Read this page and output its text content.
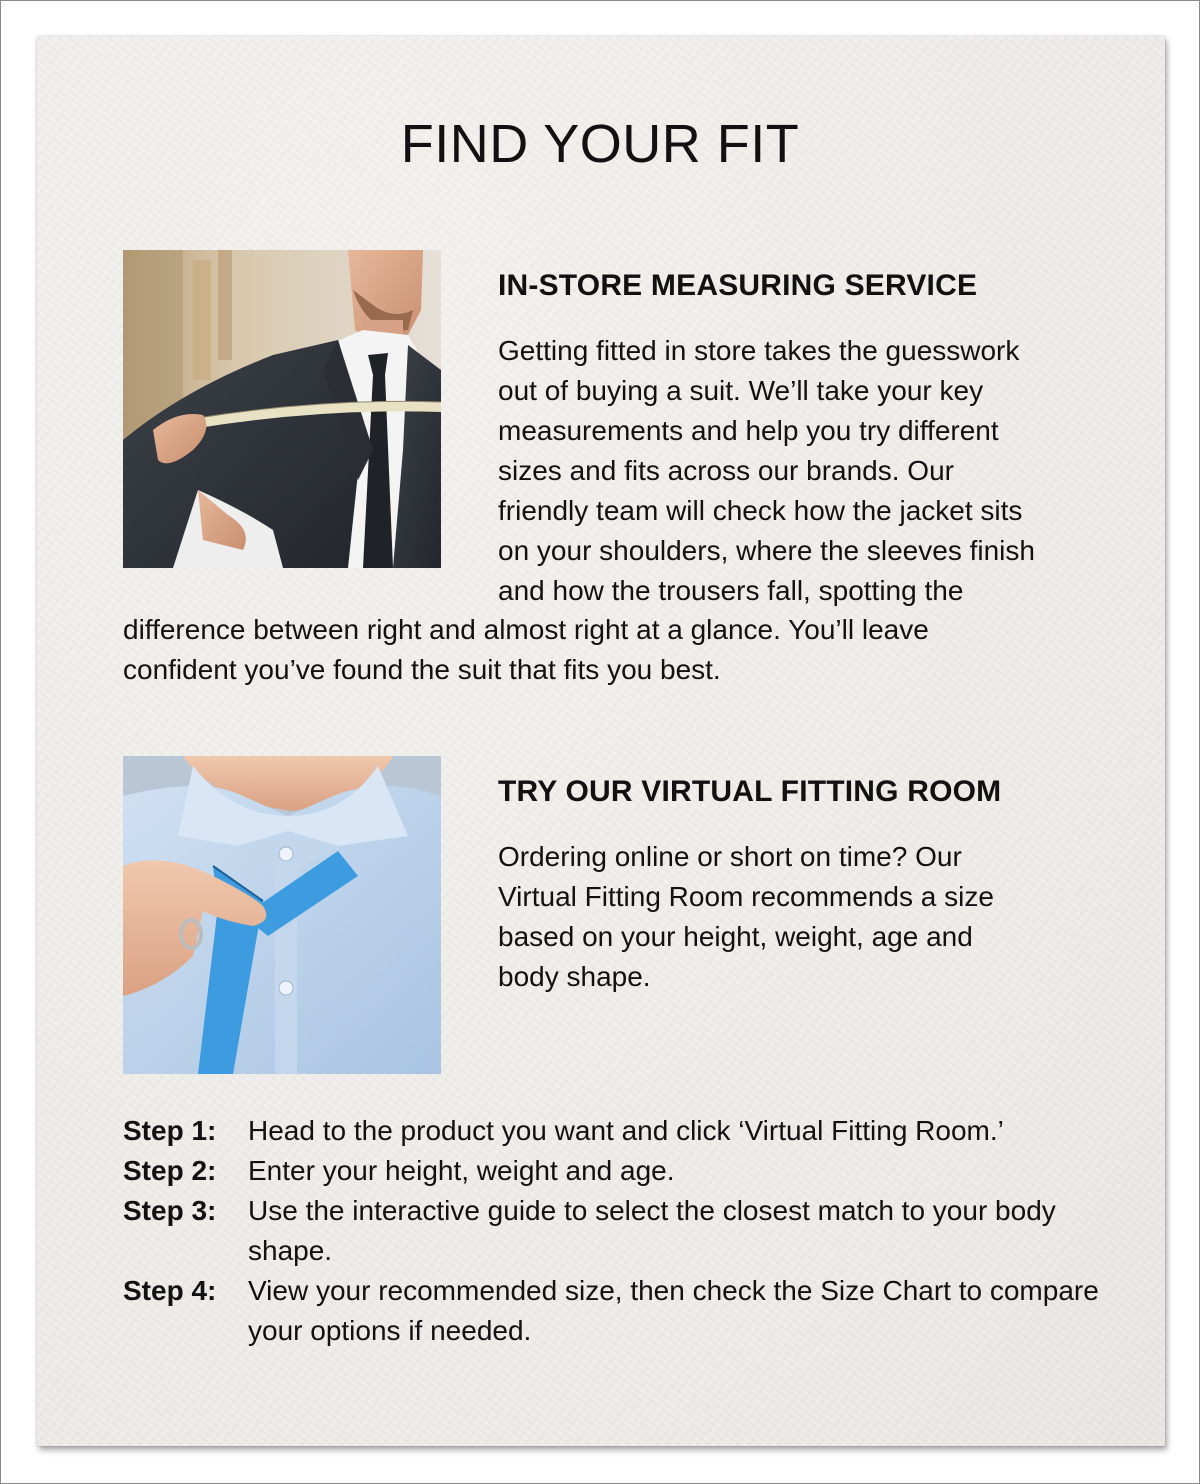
FIND YOUR FIT
IN-STORE MEASURING SERVICE
Getting fitted in store takes the guesswork
out of buying a suit. We’ll take your key
measurements and help you try different
sizes and fits across our brands. Our
friendly team will check how the jacket sits
on your shoulders, where the sleeves finish
and how the trousers fall, spotting the
difference between right and almost right at a glance. You’ll leave
confident you’ve found the suit that fits you best.
TRY OUR VIRTUAL FITTING ROOM
Ordering online or short on time? Our
Virtual Fitting Room recommends a size
based on your height, weight, age and
body shape.
Step 1:	Head to the product you want and click ‘Virtual Fitting Room.’
Step 2:	Enter your height, weight and age.
Step 3:	Use the interactive guide to select the closest match to your body shape.
Step 4:	View your recommended size, then check the Size Chart to compare your options if needed.
